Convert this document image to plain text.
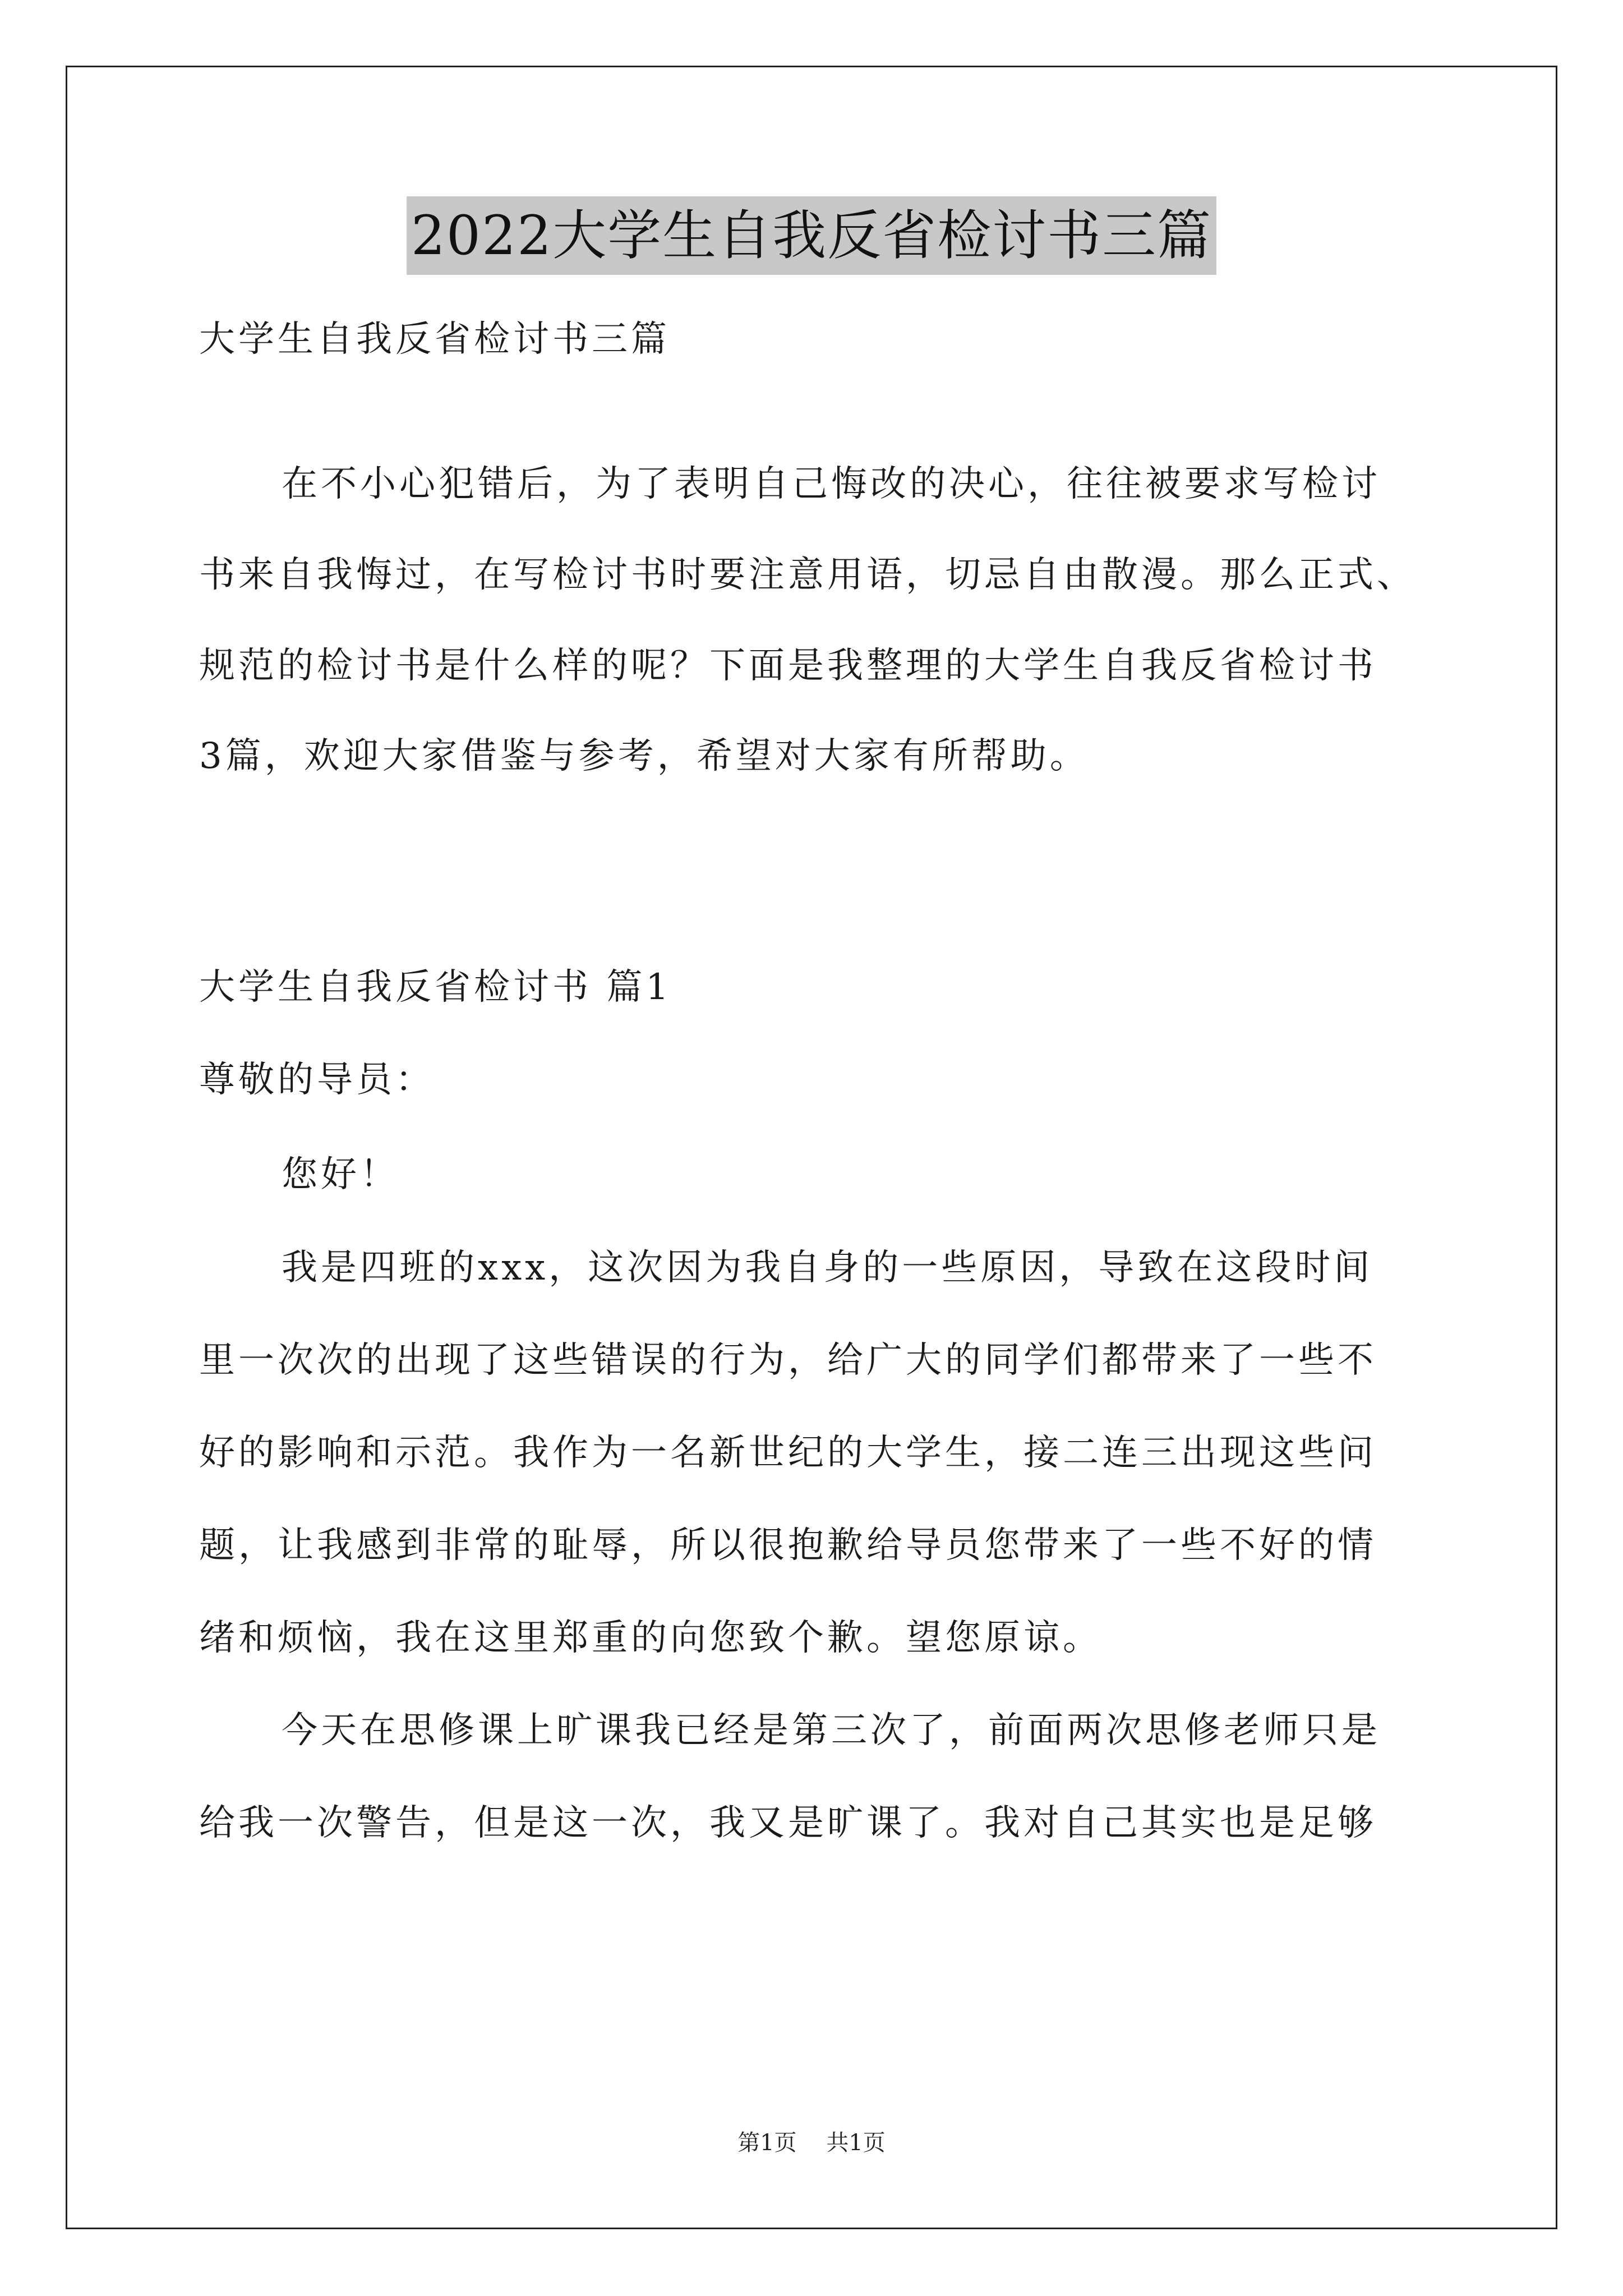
2022大学生自我反省检讨书三篇
大学生自我反省检讨书三篇
在不小心犯错后，为了表明自己悔改的决心，往往被要求写检讨
书来自我悔过，在写检讨书时要注意用语，切忌自由散漫。那么正式、
规范的检讨书是什么样的呢？下面是我整理的大学生自我反省检讨书
3篇，欢迎大家借鉴与参考，希望对大家有所帮助。
大学生自我反省检讨书 篇1
尊敬的导员：
您好！
我是四班的xxx，这次因为我自身的一些原因，导致在这段时间
里一次次的出现了这些错误的行为，给广大的同学们都带来了一些不
好的影响和示范。我作为一名新世纪的大学生，接二连三出现这些问
题，让我感到非常的耻辱，所以很抱歉给导员您带来了一些不好的情
绪和烦恼，我在这里郑重的向您致个歉。望您原谅。
今天在思修课上旷课我已经是第三次了，前面两次思修老师只是
给我一次警告，但是这一次，我又是旷课了。我对自己其实也是足够
第1页 共1页
